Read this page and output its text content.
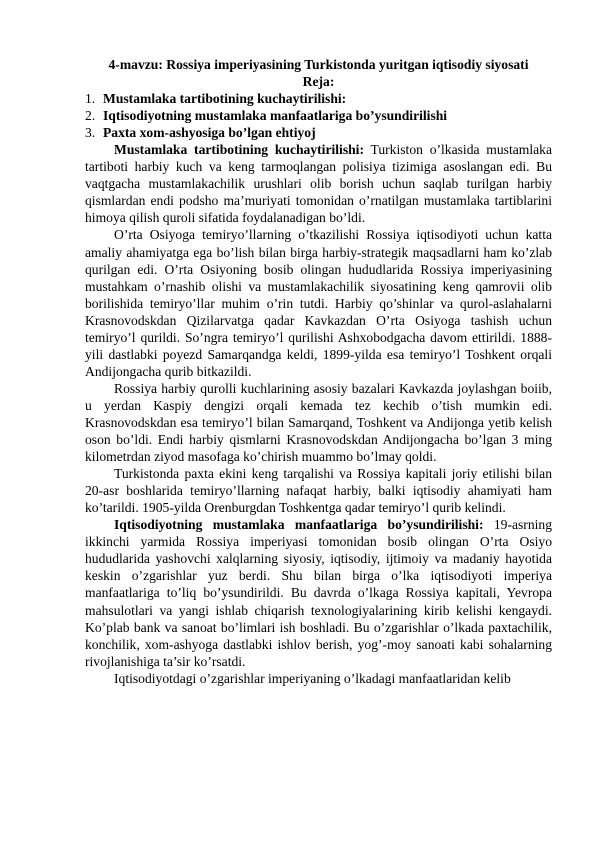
4-mavzu: Rossiya imperiyasining Turkistonda yuritgan iqtisodiy siyosati

Reja:

1. Mustamlaka tartibotining kuchaytirilishi:
2. Iqtisodiyotning mustamlaka manfaatlariga bo’ysundirilishi
3. Paxta xom-ashyosiga bo’lgan ehtiyoj

Mustamlaka tartibotining kuchaytirilishi: Turkiston o’lkasida mustamlaka tartiboti harbiy kuch va keng tarmoqlangan polisiya tizimiga asoslangan edi. Bu vaqtgacha mustamlakachilik urushlari olib borish uchun saqlab turilgan harbiy qismlardan endi podsho ma’muriyati tomonidan o’rnatilgan mustamlaka tartiblarini himoya qilish quroli sifatida foydalanadigan bo’ldi.

O’rta Osiyoga temiryo’llarning o’tkazilishi Rossiya iqtisodiyoti uchun katta amaliy ahamiyatga ega bo’lish bilan birga harbiy-strategik maqsadlarni ham ko’zlab qurilgan edi. O’rta Osiyoning bosib olingan hududlarida Rossiya imperiyasining mustahkam o’rnashib olishi va mustamlakachilik siyosatining keng qamrovii olib borilishida temiryo’llar muhim o’rin tutdi. Harbiy qo’shinlar va qurol-aslahalarni Krasnovodskdan Qizilarvatga qadar Kavkazdan O’rta Osiyoga tashish uchun temiryo’l qurildi. So’ngra temiryo’l qurilishi Ashxobodgacha davom ettirildi. 1888-yili dastlabki poyezd Samarqandga keldi, 1899-yilda esa temiryo’l Toshkent orqali Andijongacha qurib bitkazildi.

Rossiya harbiy qurolli kuchlarining asosiy bazalari Kavkazda joylashgan boiib, u yerdan Kaspiy dengizi orqali kemada tez kechib o’tish mumkin edi. Krasnovodskdan esa temiryo’l bilan Samarqand, Toshkent va Andijonga yetib kelish oson bo’ldi. Endi harbiy qismlarni Krasnovodskdan Andijongacha bo’lgan 3 ming kilometrdan ziyod masofaga ko’chirish muammo bo’lmay qoldi.

Turkistonda paxta ekini keng tarqalishi va Rossiya kapitali joriy etilishi bilan 20-asr boshlarida temiryo’llarning nafaqat harbiy, balki iqtisodiy ahamiyati ham ko’tarildi. 1905-yilda Orenburgdan Toshkentga qadar temiryo’l qurib kelindi.

Iqtisodiyotning mustamlaka manfaatlariga bo’ysundirilishi: 19-asrning ikkinchi yarmida Rossiya imperiyasi tomonidan bosib olingan O’rta Osiyo hududlarida yashovchi xalqlarning siyosiy, iqtisodiy, ijtimoiy va madaniy hayotida keskin o’zgarishlar yuz berdi. Shu bilan birga o’lka iqtisodiyoti imperiya manfaatlariga to’liq bo’ysundirildi. Bu davrda o’lkaga Rossiya kapitali, Yevropa mahsulotlari va yangi ishlab chiqarish texnologiyalarining kirib kelishi kengaydi. Ko’plab bank va sanoat bo’limlari ish boshladi. Bu o’zgarishlar o’lkada paxtachilik, konchilik, xom-ashyoga dastlabki ishlov berish, yog’-moy sanoati kabi sohalarning rivojlanishiga ta’sir ko’rsatdi.

Iqtisodiyotdagi o’zgarishlar imperiyaning o’lkadagi manfaatlaridan kelib
